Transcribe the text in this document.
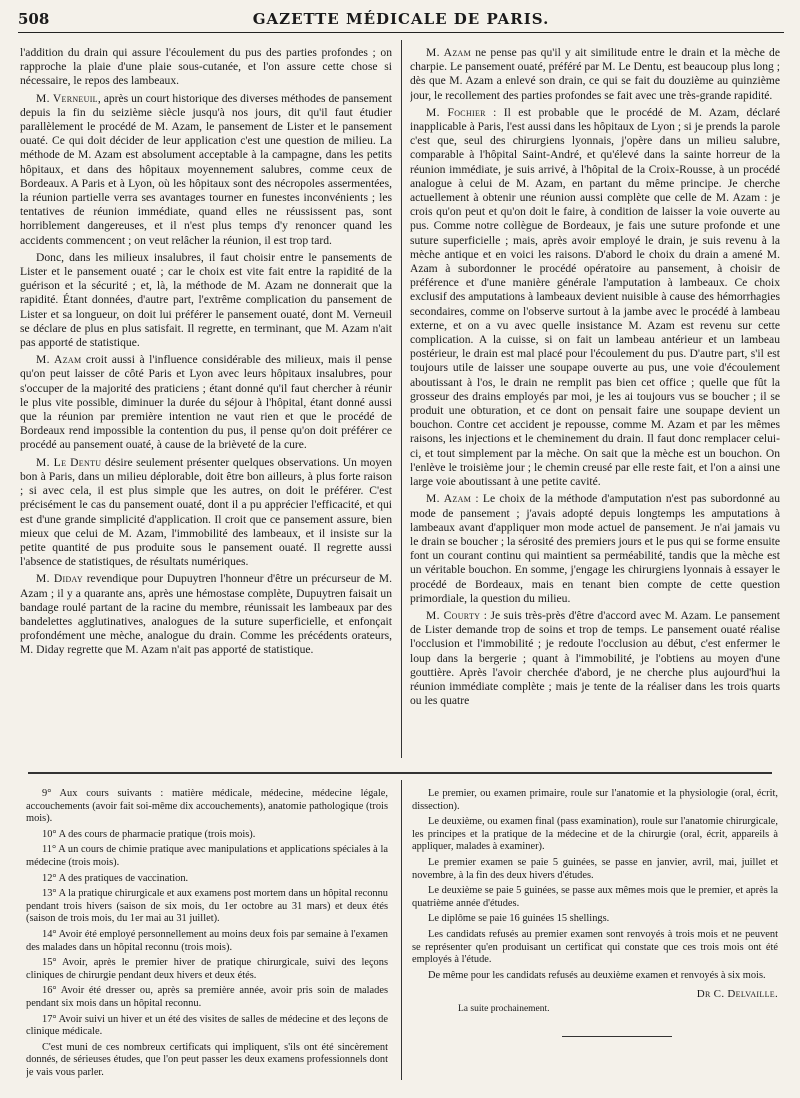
508	GAZETTE MÉDICALE DE PARIS.

l'addition du drain qui assure l'écoulement du pus des parties profondes ; on rapproche la plaie d'une plaie sous-cutanée, et l'on assure cette chose si nécessaire, le repos des lambeaux.

M. Verneuil, après un court historique des diverses méthodes de pansement depuis la fin du seizième siècle jusqu'à nos jours, dit qu'il faut étudier parallèlement le procédé de M. Azam, le pansement de Lister et le pansement ouaté. Ce qui doit décider de leur application c'est une question de milieu. La méthode de M. Azam est absolument acceptable à la campagne, dans les petits hôpitaux, et dans des hôpitaux moyennement salubres, comme ceux de Bordeaux. A Paris et à Lyon, où les hôpitaux sont des nécropoles assermentées, la réunion partielle verra ses avantages tourner en funestes inconvénients ; les tentatives de réunion immédiate, quand elles ne réussissent pas, sont horriblement dangereuses, et il n'est plus temps d'y renoncer quand les accidents commencent ; on veut relâcher la réunion, il est trop tard.

Donc, dans les milieux insalubres, il faut choisir entre le pansements de Lister et le pansement ouaté ; car le choix est vite fait entre la rapidité de la guérison et la sécurité ; et, là, la méthode de M. Azam ne donnerait que la rapidité. Étant données, d'autre part, l'extrême complication du pansement de Lister et sa longueur, on doit lui préférer le pansement ouaté, dont M. Verneuil se déclare de plus en plus satisfait. Il regrette, en terminant, que M. Azam n'ait pas apporté de statistique.

M. Azam croit aussi à l'influence considérable des milieux, mais il pense qu'on peut laisser de côté Paris et Lyon avec leurs hôpitaux insalubres, pour s'occuper de la majorité des praticiens ; étant donné qu'il faut chercher à réunir le plus vite possible, diminuer la durée du séjour à l'hôpital, étant donné aussi que la réunion par première intention ne vaut rien et que le procédé de Bordeaux rend impossible la contention du pus, il pense qu'on doit préférer ce procédé au pansement ouaté, à cause de la brièveté de la cure.

M. Le Dentu désire seulement présenter quelques observations. Un moyen bon à Paris, dans un milieu déplorable, doit être bon ailleurs, à plus forte raison ; si avec cela, il est plus simple que les autres, on doit le préférer. C'est précisément le cas du pansement ouaté, dont il a pu apprécier l'efficacité, et qui est d'une grande simplicité d'application. Il croit que ce pansement assure, bien mieux que celui de M. Azam, l'immobilité des lambeaux, et il insiste sur la petite quantité de pus produite sous le pansement ouaté. Il regrette aussi l'absence de statistiques, de résultats numériques.

M. Diday revendique pour Dupuytren l'honneur d'être un précurseur de M. Azam ; il y a quarante ans, après une hémostase complète, Dupuytren faisait un bandage roulé partant de la racine du membre, réunissait les lambeaux par des bandelettes agglutinatives, analogues de la suture superficielle, et enfonçait profondément une mèche, analogue du drain. Comme les précédents orateurs, M. Diday regrette que M. Azam n'ait pas apporté de statistique.

M. Azam ne pense pas qu'il y ait similitude entre le drain et la mèche de charpie. Le pansement ouaté, préféré par M. Le Dentu, est beaucoup plus long ; dès que M. Azam a enlevé son drain, ce qui se fait du douzième au quinzième jour, le recollement des parties profondes se fait avec une très-grande rapidité.

M. Fochier : Il est probable que le procédé de M. Azam, déclaré inapplicable à Paris, l'est aussi dans les hôpitaux de Lyon ; si je prends la parole c'est que, seul des chirurgiens lyonnais, j'opère dans un milieu salubre, comparable à l'hôpital Saint-André, et qu'élevé dans la sainte horreur de la réunion immédiate, je suis arrivé, à l'hôpital de la Croix-Rousse, à un procédé analogue à celui de M. Azam, en partant du même principe. Je cherche actuellement à obtenir une réunion aussi complète que celle de M. Azam : je crois qu'on peut et qu'on doit le faire, à condition de laisser la voie ouverte au pus. Comme notre collègue de Bordeaux, je fais une suture profonde et une suture superficielle ; mais, après avoir employé le drain, je suis revenu à la mèche antique et en voici les raisons. D'abord le choix du drain a amené M. Azam à subordonner le procédé opératoire au pansement, à choisir de préférence et d'une manière générale l'amputation à lambeaux. Ce choix exclusif des amputations à lambeaux devient nuisible à cause des hémorrhagies secondaires, comme on l'observe surtout à la jambe avec le procédé à lambeau externe, et on a vu avec quelle insistance M. Azam est revenu sur cette complication. A la cuisse, si on fait un lambeau antérieur et un lambeau postérieur, le drain est mal placé pour l'écoulement du pus. D'autre part, s'il est toujours utile de laisser une soupape ouverte au pus, une voie d'écoulement aboutissant à l'os, le drain ne remplit pas bien cet office ; quelle que fût la grosseur des drains employés par moi, je les ai toujours vus se boucher ; il se produit une obturation, et ce dont on pensait faire une soupape devient un bouchon. Contre cet accident je repousse, comme M. Azam et par les mêmes raisons, les injections et le cheminement du drain. Il faut donc remplacer celui-ci, et tout simplement par la mèche. On sait que la mèche est un bouchon. On l'enlève le troisième jour ; le chemin creusé par elle reste fait, et l'on a ainsi une large voie aboutissant à une petite cavité.

M. Azam : Le choix de la méthode d'amputation n'est pas subordonné au mode de pansement ; j'avais adopté depuis longtemps les amputations à lambeaux avant d'appliquer mon mode actuel de pansement. Je n'ai jamais vu le drain se boucher ; la sérosité des premiers jours et le pus qui se forme ensuite font un courant continu qui maintient sa perméabilité, tandis que la mèche est un véritable bouchon. En somme, j'engage les chirurgiens lyonnais à essayer le procédé de Bordeaux, mais en tenant bien compte de cette question primordiale, la question du milieu.

M. Courty : Je suis très-près d'être d'accord avec M. Azam. Le pansement de Lister demande trop de soins et trop de temps. Le pansement ouaté réalise l'occlusion et l'immobilité ; je redoute l'occlusion au début, c'est enfermer le loup dans la bergerie ; quant à l'immobilité, je l'obtiens au moyen d'une gouttière. Après l'avoir cherchée d'abord, je ne cherche plus aujourd'hui la réunion immédiate complète ; mais je tente de la réaliser dans les trois quarts ou les quatre

9° Aux cours suivants : matière médicale, médecine, médecine légale, accouchements (avoir fait soi-même dix accouchements), anatomie pathologique (trois mois).

10° A des cours de pharmacie pratique (trois mois).

11° A un cours de chimie pratique avec manipulations et applications spéciales à la médecine (trois mois).

12° A des pratiques de vaccination.

13° A la pratique chirurgicale et aux examens post mortem dans un hôpital reconnu pendant trois hivers (saison de six mois, du 1er octobre au 31 mars) et deux étés (saison de trois mois, du 1er mai au 31 juillet).

14° Avoir été employé personnellement au moins deux fois par semaine à l'examen des malades dans un hôpital reconnu (trois mois).

15° Avoir, après le premier hiver de pratique chirurgicale, suivi des leçons cliniques de chirurgie pendant deux hivers et deux étés.

16° Avoir été dresser ou, après sa première année, avoir pris soin de malades pendant six mois dans un hôpital reconnu.

17° Avoir suivi un hiver et un été des visites de salles de médecine et des leçons de clinique médicale.

C'est muni de ces nombreux certificats qui impliquent, s'ils ont été sincèrement donnés, de sérieuses études, que l'on peut passer les deux examens professionnels dont je vais vous parler.

Le premier, ou examen primaire, roule sur l'anatomie et la physiologie (oral, écrit, dissection).

Le deuxième, ou examen final (pass examination), roule sur l'anatomie chirurgicale, les principes et la pratique de la médecine et de la chirurgie (oral, écrit, appareils à appliquer, malades à examiner).

Le premier examen se paie 5 guinées, se passe en janvier, avril, mai, juillet et novembre, à la fin des deux hivers d'études.

Le deuxième se paie 5 guinées, se passe aux mêmes mois que le premier, et après la quatrième année d'études.

Le diplôme se paie 16 guinées 15 shellings.

Les candidats refusés au premier examen sont renvoyés à trois mois et ne peuvent se représenter qu'en produisant un certificat qui constate que ces trois mois ont été employés à l'étude.

De même pour les candidats refusés au deuxième examen et renvoyés à six mois.

Dr C. Delvaille.
La suite prochainement.
